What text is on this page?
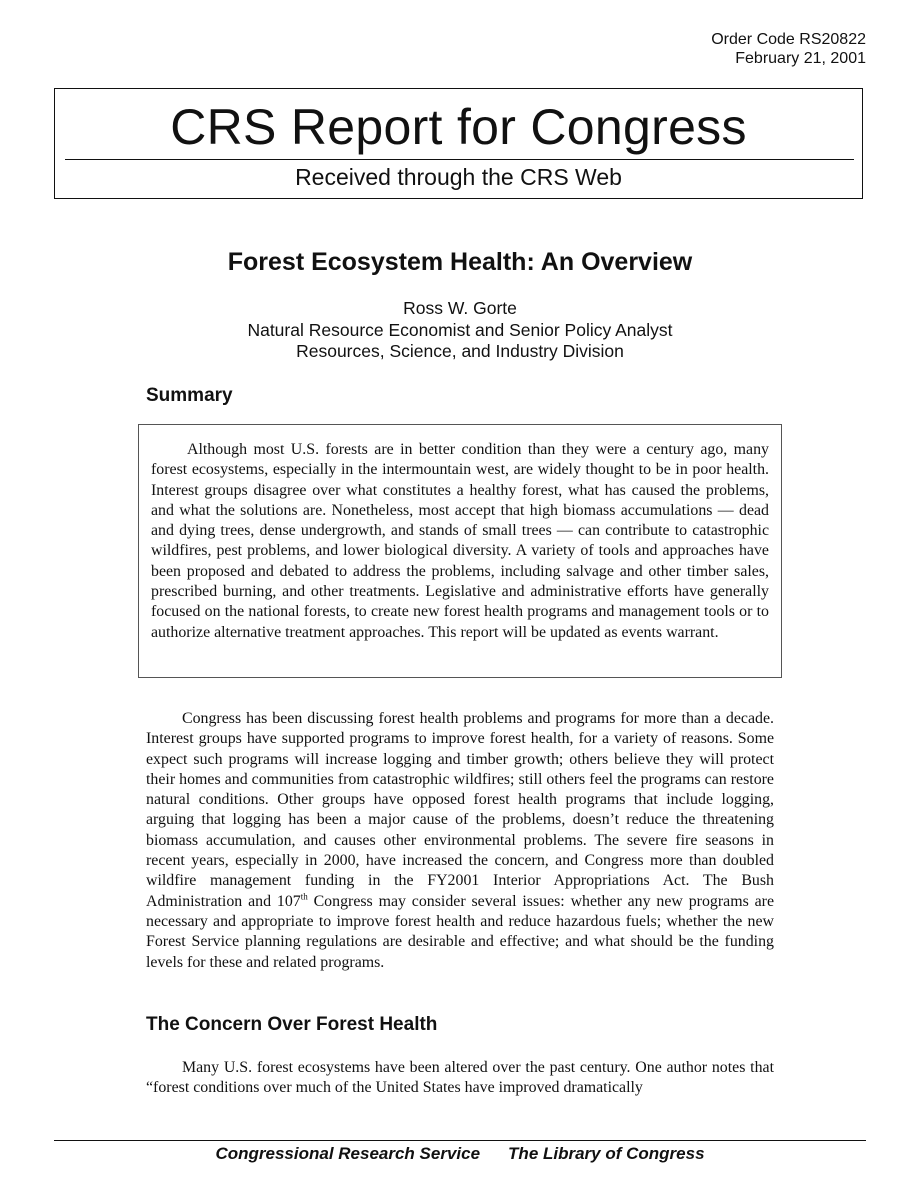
Order Code RS20822
February 21, 2001
CRS Report for Congress
Received through the CRS Web
Forest Ecosystem Health: An Overview
Ross W. Gorte
Natural Resource Economist and Senior Policy Analyst
Resources, Science, and Industry Division
Summary

Although most U.S. forests are in better condition than they were a century ago, many forest ecosystems, especially in the intermountain west, are widely thought to be in poor health. Interest groups disagree over what constitutes a healthy forest, what has caused the problems, and what the solutions are. Nonetheless, most accept that high biomass accumulations — dead and dying trees, dense undergrowth, and stands of small trees — can contribute to catastrophic wildfires, pest problems, and lower biological diversity. A variety of tools and approaches have been proposed and debated to address the problems, including salvage and other timber sales, prescribed burning, and other treatments. Legislative and administrative efforts have generally focused on the national forests, to create new forest health programs and management tools or to authorize alternative treatment approaches. This report will be updated as events warrant.

Congress has been discussing forest health problems and programs for more than a decade. Interest groups have supported programs to improve forest health, for a variety of reasons. Some expect such programs will increase logging and timber growth; others believe they will protect their homes and communities from catastrophic wildfires; still others feel the programs can restore natural conditions. Other groups have opposed forest health programs that include logging, arguing that logging has been a major cause of the problems, doesn’t reduce the threatening biomass accumulation, and causes other environmental problems. The severe fire seasons in recent years, especially in 2000, have increased the concern, and Congress more than doubled wildfire management funding in the FY2001 Interior Appropriations Act. The Bush Administration and 107th Congress may consider several issues: whether any new programs are necessary and appropriate to improve forest health and reduce hazardous fuels; whether the new Forest Service planning regulations are desirable and effective; and what should be the funding levels for these and related programs.

The Concern Over Forest Health

Many U.S. forest ecosystems have been altered over the past century. One author notes that “forest conditions over much of the United States have improved dramatically

Congressional Research Service The Library of Congress
